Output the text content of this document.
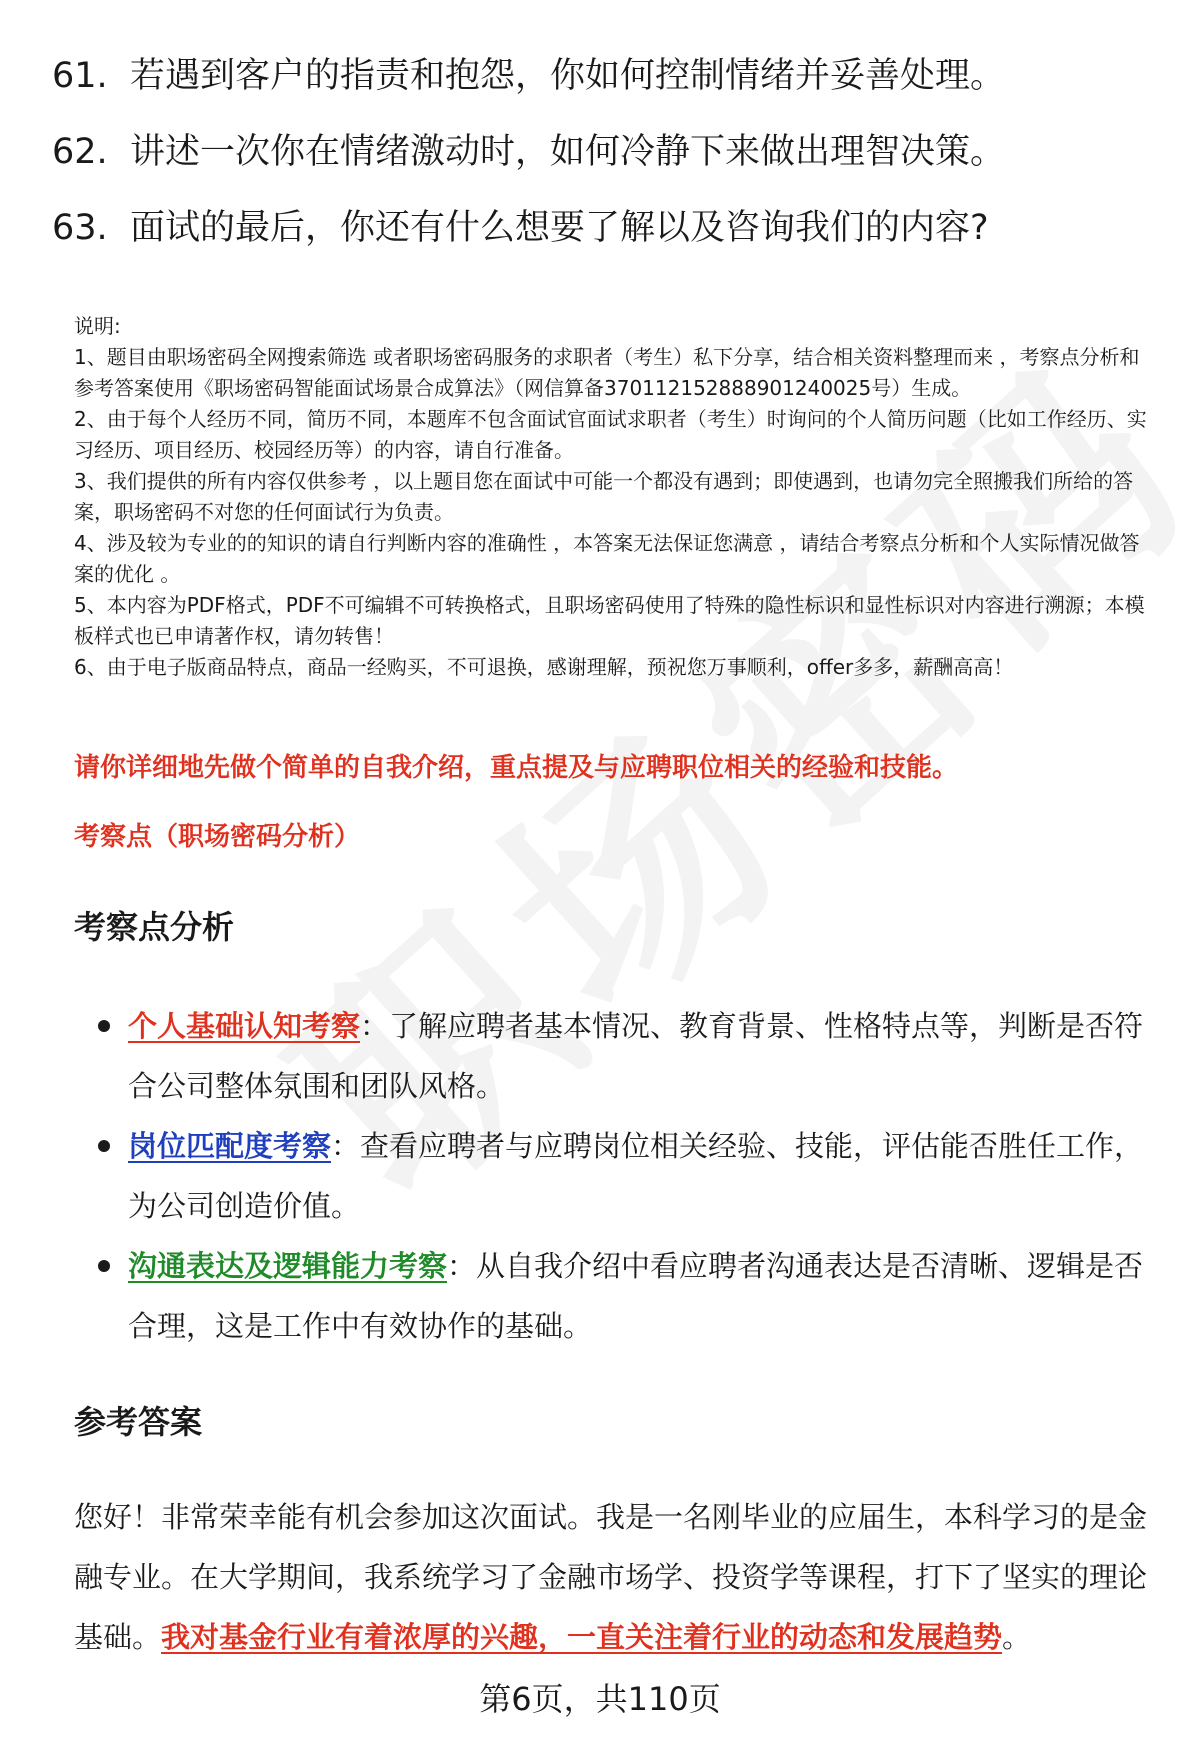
61. 若遇到客户的指责和抱怨，你如何控制情绪并妥善处理。
62. 讲述一次你在情绪激动时，如何冷静下来做出理智决策。
63. 面试的最后，你还有什么想要了解以及咨询我们的内容?

说明:

1、题目由职场密码全网搜索筛选 或者职场密码服务的求职者（考生）私下分享，结合相关资料整理而来 ，考察点分析和参考答案使用《职场密码智能面试场景合成算法》（网信算备370112152888901240025号）生成。

2、由于每个人经历不同，简历不同，本题库不包含面试官面试求职者（考生）时询问的个人简历问题（比如工作经历、实习经历、项目经历、校园经历等）的内容，请自行准备。

3、我们提供的所有内容仅供参考 ，以上题目您在面试中可能一个都没有遇到；即使遇到，也请勿完全照搬我们所给的答案，职场密码不对您的任何面试行为负责。

4、涉及较为专业的的知识的请自行判断内容的准确性 ，本答案无法保证您满意 ，请结合考察点分析和个人实际情况做答案的优化 。

5、本内容为PDF格式，PDF不可编辑不可转换格式，且职场密码使用了特殊的隐性标识和显性标识对内容进行溯源；本模板样式也已申请著作权，请勿转售！

6、由于电子版商品特点，商品一经购买，不可退换，感谢理解，预祝您万事顺利，offer多多，薪酬高高！

请你详细地先做个简单的自我介绍，重点提及与应聘职位相关的经验和技能。
考察点（职场密码分析）
考察点分析
个人基础认知考察：了解应聘者基本情况、教育背景、性格特点等，判断是否符合公司整体氛围和团队风格。
岗位匹配度考察：查看应聘者与应聘岗位相关经验、技能，评估能否胜任工作，为公司创造价值。
沟通表达及逻辑能力考察：从自我介绍中看应聘者沟通表达是否清晰、逻辑是否合理，这是工作中有效协作的基础。
参考答案

您好！非常荣幸能有机会参加这次面试。我是一名刚毕业的应届生，本科学习的是金融专业。在大学期间，我系统学习了金融市场学、投资学等课程，打下了坚实的理论基础。我对基金行业有着浓厚的兴趣，一直关注着行业的动态和发展趋势。

第6页，共110页
